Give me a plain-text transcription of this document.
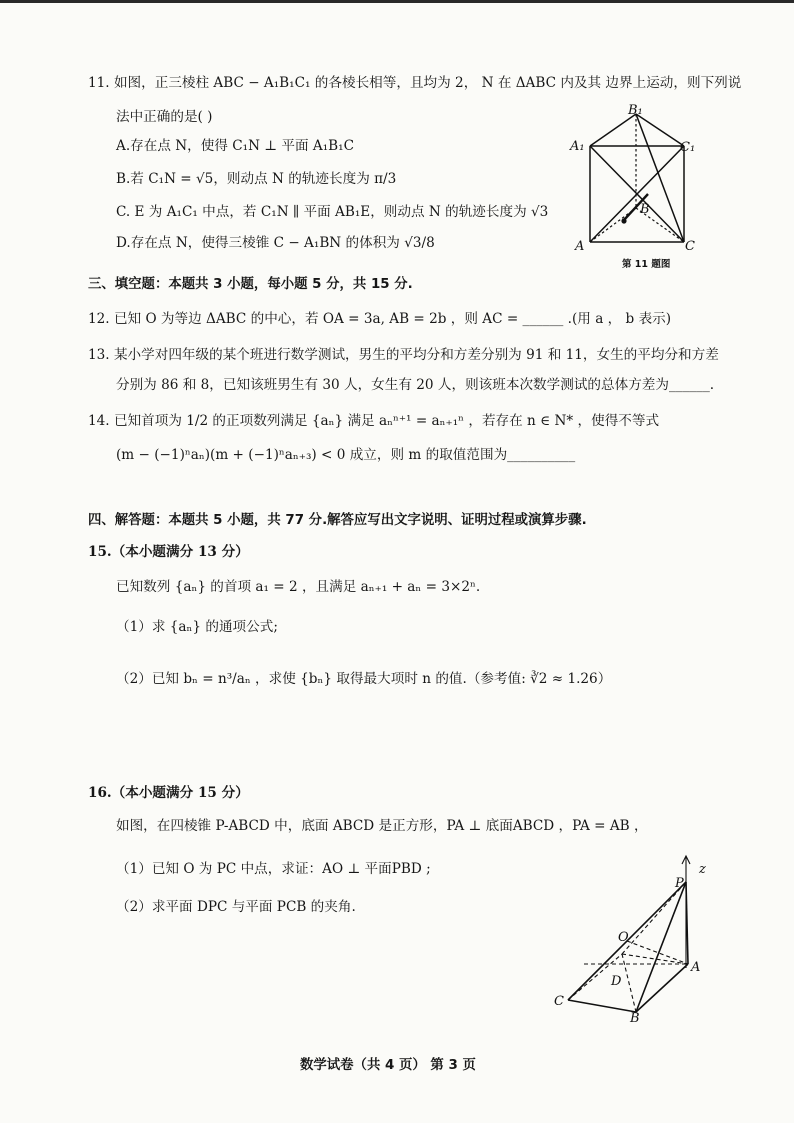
11. 如图，正三棱柱 ABC − A₁B₁C₁ 的各棱长相等，且均为 2， N 在 ΔABC 内及其 边界上运动，则下列说
法中正确的是( )
A.存在点 N，使得 C₁N ⊥ 平面 A₁B₁C
B.若 C₁N = √5，则动点 N 的轨迹长度为 π/3
C. E 为 A₁C₁ 中点，若 C₁N ∥ 平面 AB₁E，则动点 N 的轨迹长度为 √3
D.存在点 N，使得三棱锥 C − A₁BN 的体积为 √3/8
B₁
A₁	C₁
B
A	C
第 11 题图
三、填空题：本题共 3 小题，每小题 5 分，共 15 分.
12. 已知 O 为等边 ΔABC 的中心，若 OA = 3a, AB = 2b ，则 AC = ______ .(用 a ， b 表示)
13. 某小学对四年级的某个班进行数学测试，男生的平均分和方差分别为 91 和 11，女生的平均分和方差
分别为 86 和 8，已知该班男生有 30 人，女生有 20 人，则该班本次数学测试的总体方差为______.
14. 已知首项为 1/2 的正项数列满足 {aₙ} 满足 aₙⁿ⁺¹ = aₙ₊₁ⁿ ，若存在 n ∈ N* ，使得不等式
(m − (−1)ⁿaₙ)(m + (−1)ⁿaₙ₊₃) < 0 成立，则 m 的取值范围为__________
四、解答题：本题共 5 小题，共 77 分.解答应写出文字说明、证明过程或演算步骤.
15.（本小题满分 13 分）
已知数列 {aₙ} 的首项 a₁ = 2 ，且满足 aₙ₊₁ + aₙ = 3×2ⁿ.
（1）求 {aₙ} 的通项公式;
（2）已知 bₙ = n³/aₙ ，求使 {bₙ} 取得最大项时 n 的值.（参考值: ∛2 ≈ 1.26）
16.（本小题满分 15 分）
如图，在四棱锥 P-ABCD 中，底面 ABCD 是正方形，PA ⊥ 底面ABCD ，PA = AB ，
（1）已知 O 为 PC 中点，求证：AO ⊥ 平面PBD ;
（2）求平面 DPC 与平面 PCB 的夹角.
z
P
O
A
D
C
B
数学试卷（共 4 页） 第 3 页
